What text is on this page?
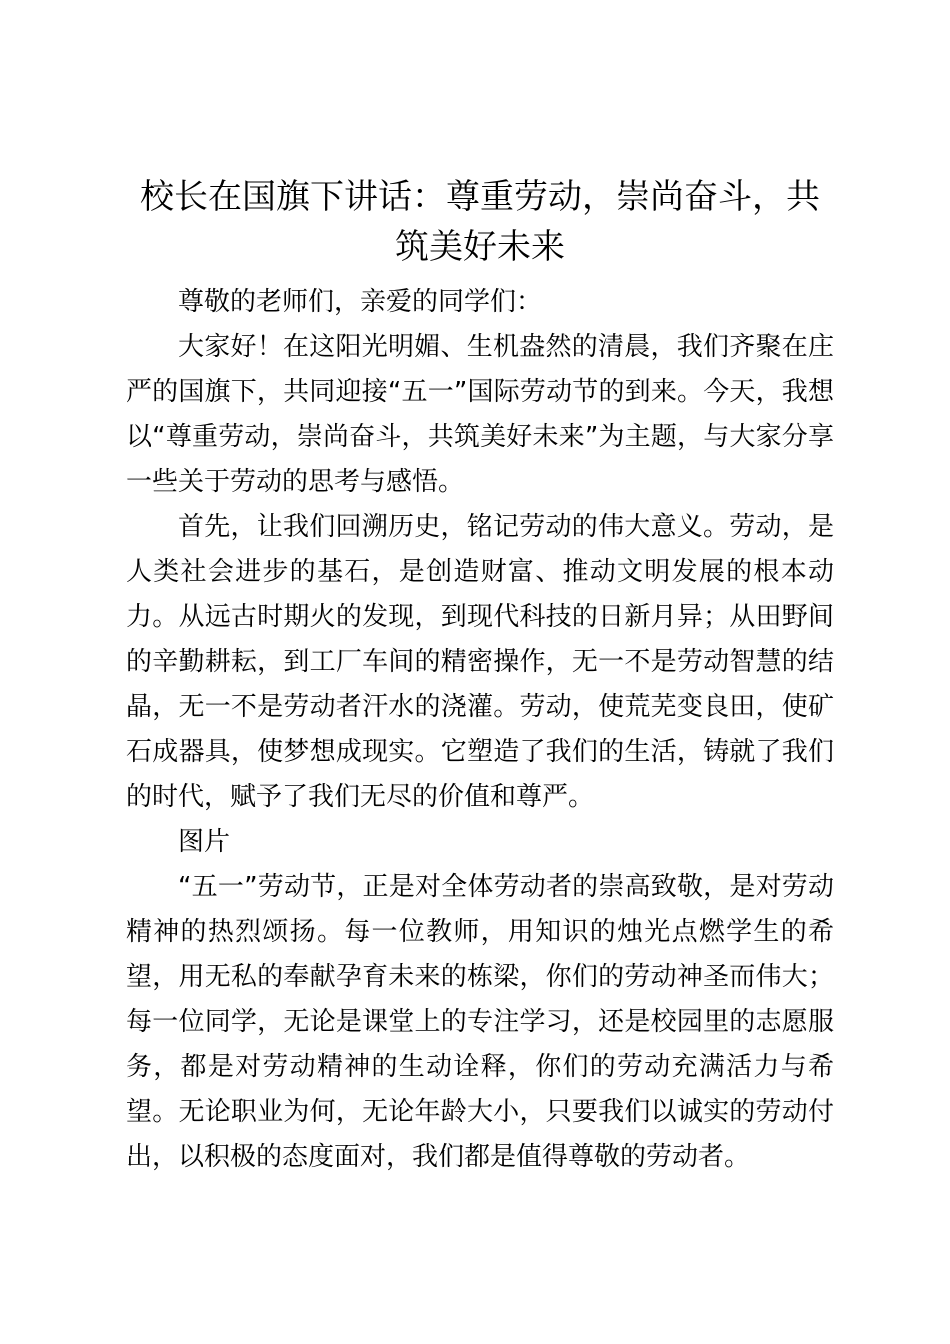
校长在国旗下讲话：尊重劳动，崇尚奋斗，共筑美好未来

尊敬的老师们，亲爱的同学们：

大家好！在这阳光明媚、生机盎然的清晨，我们齐聚在庄严的国旗下，共同迎接“五一”国际劳动节的到来。今天，我想以“尊重劳动，崇尚奋斗，共筑美好未来”为主题，与大家分享一些关于劳动的思考与感悟。

首先，让我们回溯历史，铭记劳动的伟大意义。劳动，是人类社会进步的基石，是创造财富、推动文明发展的根本动力。从远古时期火的发现，到现代科技的日新月异；从田野间的辛勤耕耘，到工厂车间的精密操作，无一不是劳动智慧的结晶，无一不是劳动者汗水的浇灌。劳动，使荒芜变良田，使矿石成器具，使梦想成现实。它塑造了我们的生活，铸就了我们的时代，赋予了我们无尽的价值和尊严。

图片

“五一”劳动节，正是对全体劳动者的崇高致敬，是对劳动精神的热烈颂扬。每一位教师，用知识的烛光点燃学生的希望，用无私的奉献孕育未来的栋梁，你们的劳动神圣而伟大；每一位同学，无论是课堂上的专注学习，还是校园里的志愿服务，都是对劳动精神的生动诠释，你们的劳动充满活力与希望。无论职业为何，无论年龄大小，只要我们以诚实的劳动付出，以积极的态度面对，我们都是值得尊敬的劳动者。
